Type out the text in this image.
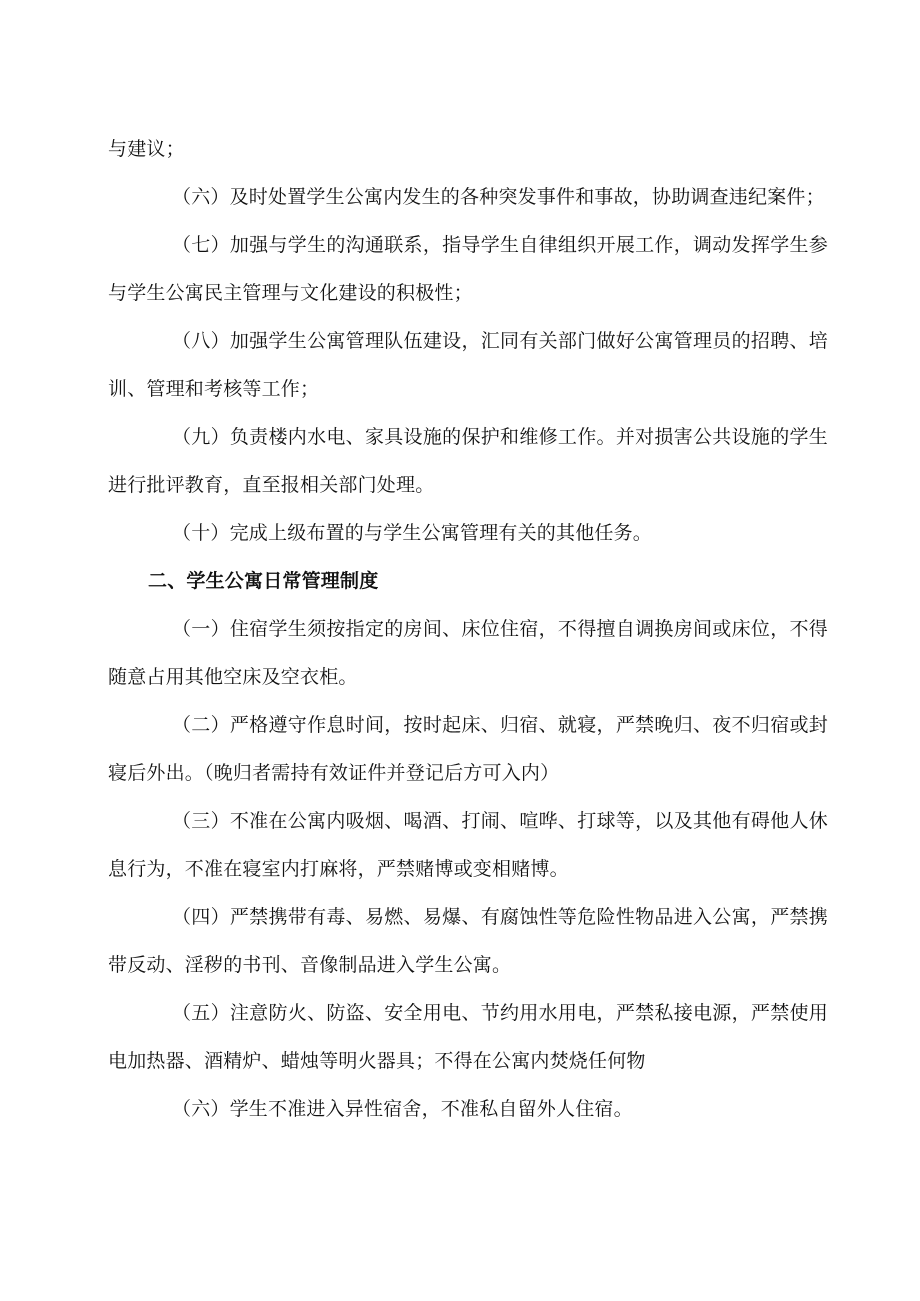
与建议；

（六）及时处置学生公寓内发生的各种突发事件和事故，协助调查违纪案件；

（七）加强与学生的沟通联系，指导学生自律组织开展工作，调动发挥学生参与学生公寓民主管理与文化建设的积极性；

（八）加强学生公寓管理队伍建设，汇同有关部门做好公寓管理员的招聘、培训、管理和考核等工作；

（九）负责楼内水电、家具设施的保护和维修工作。并对损害公共设施的学生进行批评教育，直至报相关部门处理。

（十）完成上级布置的与学生公寓管理有关的其他任务。

二、学生公寓日常管理制度

（一）住宿学生须按指定的房间、床位住宿，不得擅自调换房间或床位，不得随意占用其他空床及空衣柜。

（二）严格遵守作息时间，按时起床、归宿、就寝，严禁晚归、夜不归宿或封寝后外出。（晚归者需持有效证件并登记后方可入内）

（三）不准在公寓内吸烟、喝酒、打闹、喧哗、打球等，以及其他有碍他人休息行为，不准在寝室内打麻将，严禁赌博或变相赌博。

（四）严禁携带有毒、易燃、易爆、有腐蚀性等危险性物品进入公寓，严禁携带反动、淫秽的书刊、音像制品进入学生公寓。

（五）注意防火、防盗、安全用电、节约用水用电，严禁私接电源，严禁使用电加热器、酒精炉、蜡烛等明火器具；不得在公寓内焚烧任何物

（六）学生不准进入异性宿舍，不准私自留外人住宿。
